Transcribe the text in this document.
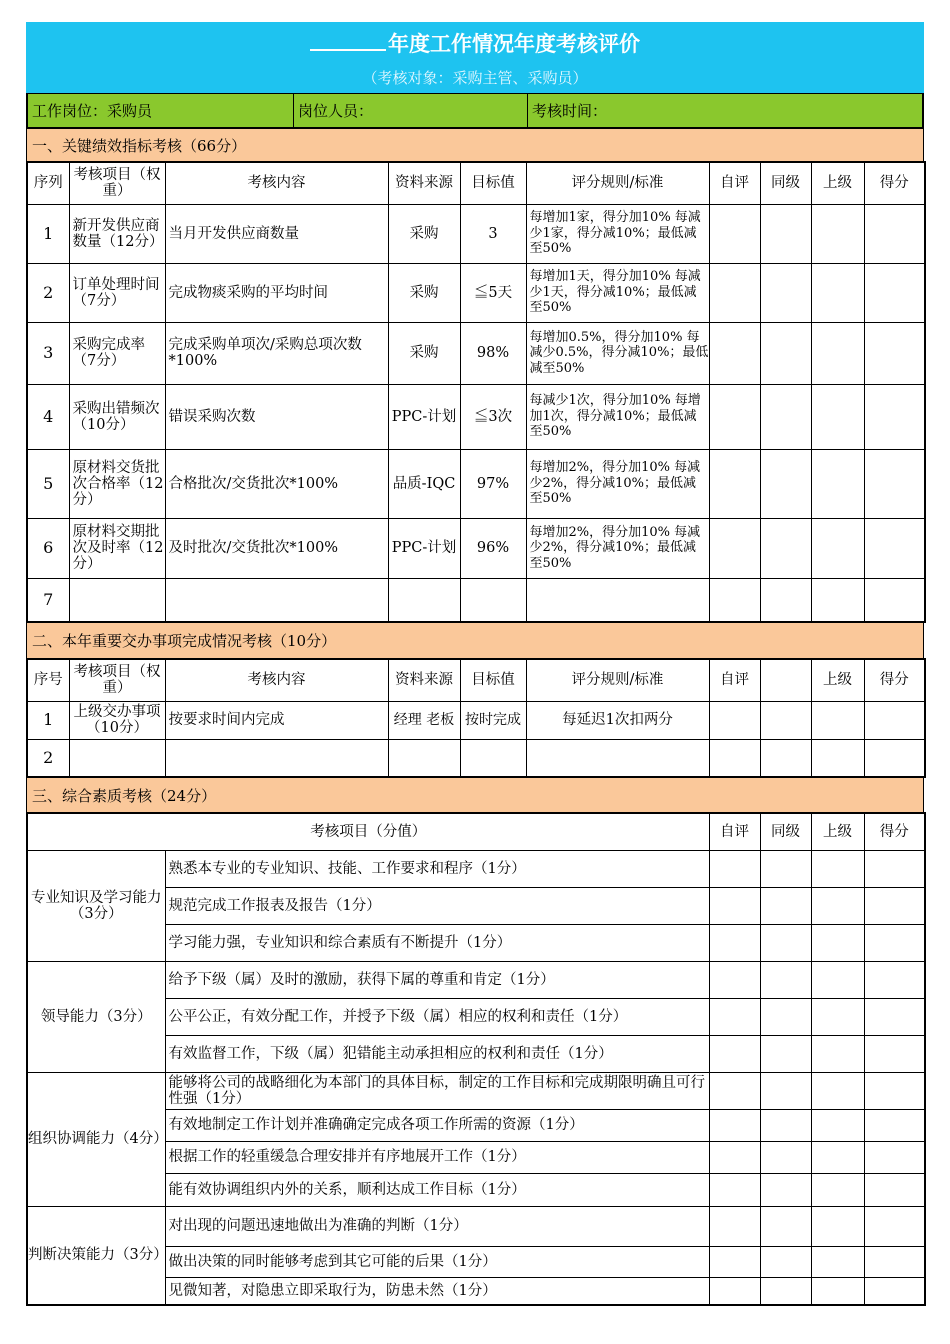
年度工作情况年度考核评价
（考核对象：采购主管、采购员）
工作岗位：采购员	岗位人员：	考核时间：
一、关键绩效指标考核（66分）
序列	考核项目（权重）	考核内容	资料来源	目标值	评分规则/标准	自评	同级	上级	得分
1	新开发供应商数量（12分）	当月开发供应商数量	采购	3	每增加1家，得分加10% 每减少1家，得分减10%；最低减至50%				
2	订单处理时间（7分）	完成物痰采购的平均时间	采购	≦5天	每增加1天，得分加10% 每减少1天，得分减10%；最低减至50%				
3	采购完成率（7分）	完成采购单项次/采购总项次数*100%	采购	98%	每增加0.5%，得分加10% 每减少0.5%，得分减10%；最低减至50%				
4	采购出错频次（10分）	错误采购次数	PPC-计划	≦3次	每减少1次，得分加10% 每增加1次，得分减10%；最低减至50%				
5	原材料交货批次合格率（12分）	合格批次/交货批次*100%	品质-IQC	97%	每增加2%，得分加10% 每减少2%，得分减10%；最低减至50%				
6	原材料交期批次及时率（12分）	及时批次/交货批次*100%	PPC-计划	96%	每增加2%，得分加10% 每减少2%，得分减10%；最低减至50%				
7									
二、本年重要交办事项完成情况考核（10分）
序号	考核项目（权重）	考核内容	资料来源	目标值	评分规则/标准	自评		上级	得分
1	上级交办事项（10分）	按要求时间内完成	经理 老板	按时完成	每延迟1次扣两分				
2									
三、综合素质考核（24分）
考核项目（分值）		自评	同级	上级	得分
专业知识及学习能力（3分）	熟悉本专业的专业知识、技能、工作要求和程序（1分）				
	规范完成工作报表及报告（1分）				
	学习能力强，专业知识和综合素质有不断提升（1分）				
领导能力（3分）	给予下级（属）及时的激励，获得下属的尊重和肯定（1分）				
	公平公正，有效分配工作，并授予下级（属）相应的权利和责任（1分）				
	有效监督工作，下级（属）犯错能主动承担相应的权利和责任（1分）				
组织协调能力（4分）	能够将公司的战略细化为本部门的具体目标，制定的工作目标和完成期限明确且可行性强（1分）				
	有效地制定工作计划并准确确定完成各项工作所需的资源（1分）				
	根据工作的轻重缓急合理安排并有序地展开工作（1分）				
	能有效协调组织内外的关系，顺利达成工作目标（1分）				
判断决策能力（3分）	对出现的问题迅速地做出为准确的判断（1分）				
	做出决策的同时能够考虑到其它可能的后果（1分）				
	见微知著，对隐患立即采取行为，防患未然（1分）				
